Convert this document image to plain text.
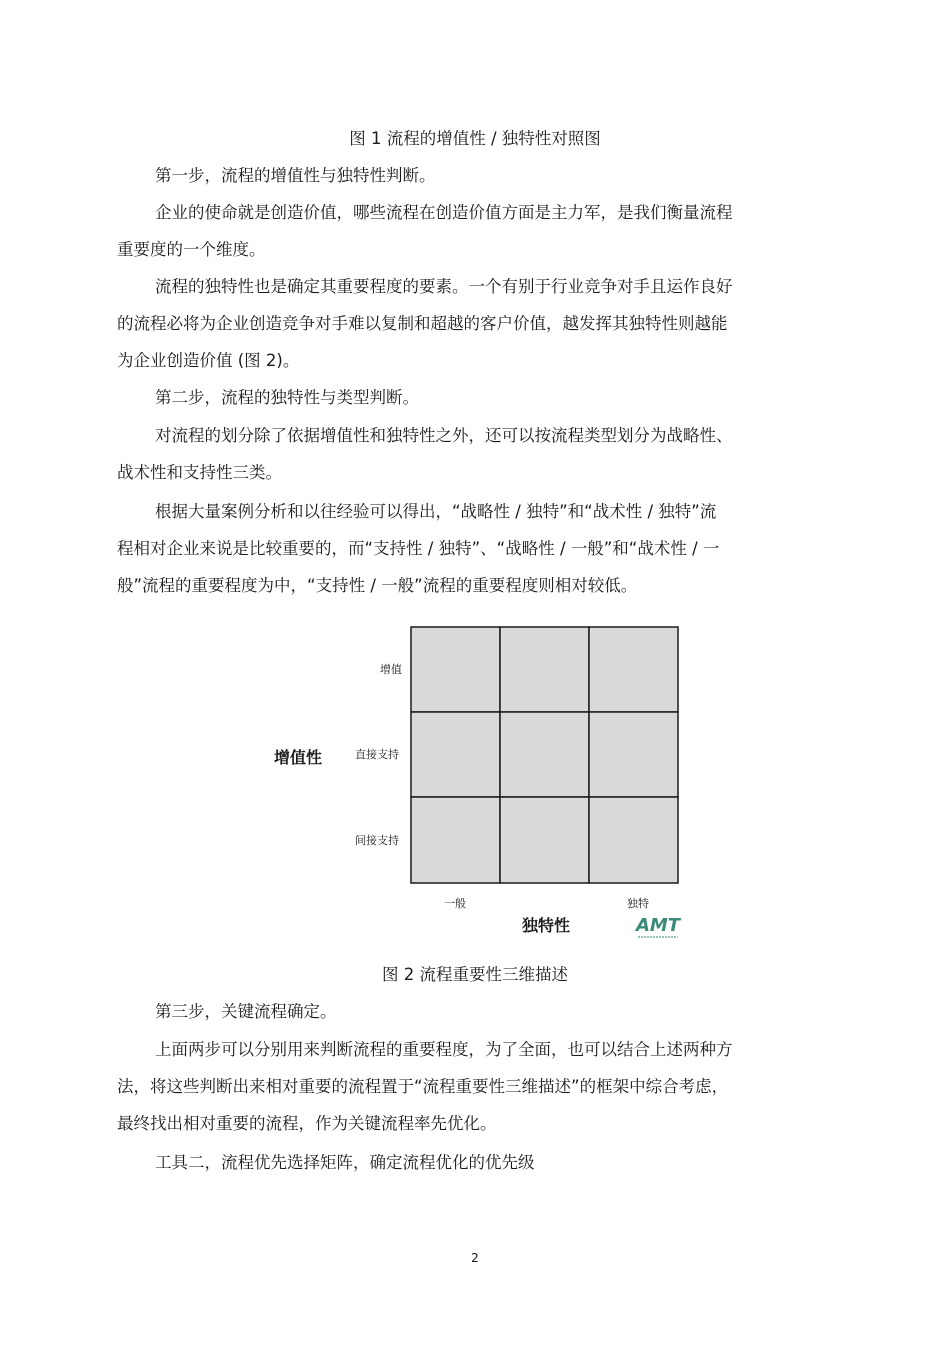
图 1 流程的增值性 / 独特性对照图
第一步，流程的增值性与独特性判断。
企业的使命就是创造价值，哪些流程在创造价值方面是主力军，是我们衡量流程
重要度的一个维度。
流程的独特性也是确定其重要程度的要素。一个有别于行业竞争对手且运作良好
的流程必将为企业创造竞争对手难以复制和超越的客户价值，越发挥其独特性则越能
为企业创造价值 (图 2)。
第二步，流程的独特性与类型判断。
对流程的划分除了依据增值性和独特性之外，还可以按流程类型划分为战略性、
战术性和支持性三类。
根据大量案例分析和以往经验可以得出，“战略性 / 独特”和“战术性 / 独特”流
程相对企业来说是比较重要的，而“支持性 / 独特”、“战略性 / 一般”和“战术性 / 一
般”流程的重要程度为中，“支持性 / 一般”流程的重要程度则相对较低。
增值性
增值
直接支持
间接支持
一般	独特
独特性	AMT
图 2 流程重要性三维描述
第三步，关键流程确定。
上面两步可以分别用来判断流程的重要程度，为了全面，也可以结合上述两种方
法，将这些判断出来相对重要的流程置于“流程重要性三维描述”的框架中综合考虑，
最终找出相对重要的流程，作为关键流程率先优化。
工具二，流程优先选择矩阵，确定流程优化的优先级
2
